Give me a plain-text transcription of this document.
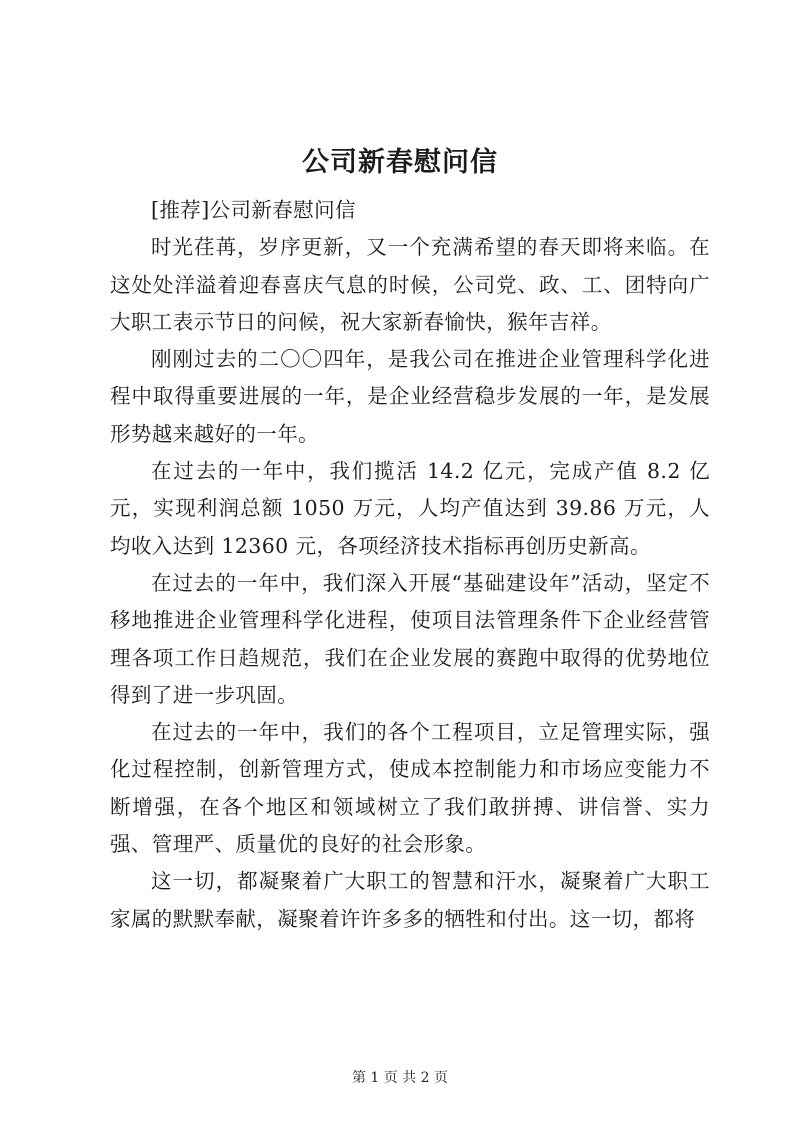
公司新春慰问信

[推荐]公司新春慰问信

时光荏苒，岁序更新，又一个充满希望的春天即将来临。在这处处洋溢着迎春喜庆气息的时候，公司党、政、工、团特向广大职工表示节日的问候，祝大家新春愉快，猴年吉祥。

刚刚过去的二〇〇四年，是我公司在推进企业管理科学化进程中取得重要进展的一年，是企业经营稳步发展的一年，是发展形势越来越好的一年。

在过去的一年中，我们揽活 14.2 亿元，完成产值 8.2 亿元，实现利润总额 1050 万元，人均产值达到 39.86 万元，人均收入达到 12360 元，各项经济技术指标再创历史新高。

在过去的一年中，我们深入开展“基础建设年”活动，坚定不移地推进企业管理科学化进程，使项目法管理条件下企业经营管理各项工作日趋规范，我们在企业发展的赛跑中取得的优势地位得到了进一步巩固。

在过去的一年中，我们的各个工程项目，立足管理实际，强化过程控制，创新管理方式，使成本控制能力和市场应变能力不断增强，在各个地区和领域树立了我们敢拼搏、讲信誉、实力强、管理严、质量优的良好的社会形象。

这一切，都凝聚着广大职工的智慧和汗水，凝聚着广大职工家属的默默奉献，凝聚着许许多多的牺牲和付出。这一切，都将

第 1 页 共 2 页
